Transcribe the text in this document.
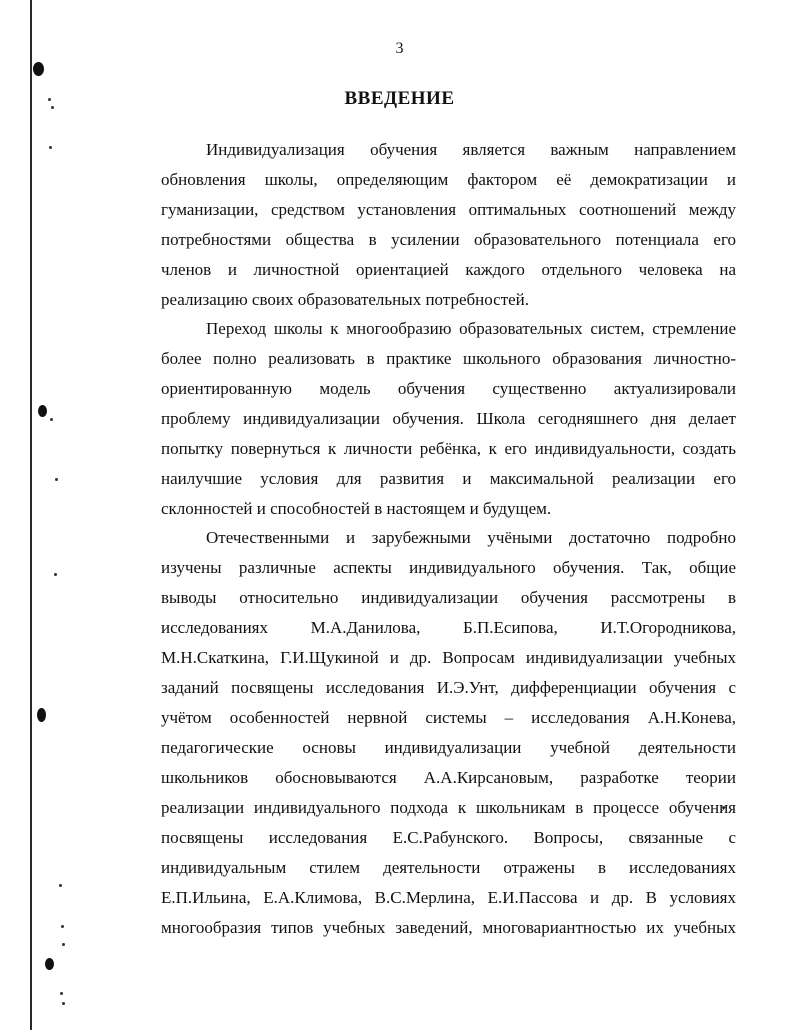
3
ВВЕДЕНИЕ
Индивидуализация обучения является важным направлением
обновления школы, определяющим фактором её демократизации и
гуманизации, средством установления оптимальных соотношений между
потребностями общества в усилении образовательного потенциала его
членов и личностной ориентацией каждого отдельного человека на
реализацию своих образовательных потребностей.
Переход школы к многообразию образовательных систем, стремление
более полно реализовать в практике школьного образования личностно-
ориентированную модель обучения существенно актуализировали
проблему индивидуализации обучения. Школа сегодняшнего дня делает
попытку повернуться к личности ребёнка, к его индивидуальности, создать
наилучшие условия для развития и максимальной реализации его
склонностей и способностей в настоящем и будущем.
Отечественными и зарубежными учёными достаточно подробно
изучены различные аспекты индивидуального обучения. Так, общие
выводы относительно индивидуализации обучения рассмотрены в
исследованиях М.А.Данилова, Б.П.Есипова, И.Т.Огородникова,
М.Н.Скаткина, Г.И.Щукиной и др. Вопросам индивидуализации учебных
заданий посвящены исследования И.Э.Унт, дифференциации обучения с
учётом особенностей нервной системы – исследования А.Н.Конева,
педагогические основы индивидуализации учебной деятельности
школьников обосновываются А.А.Кирсановым, разработке теории
реализации индивидуального подхода к школьникам в процессе обучения
посвящены исследования Е.С.Рабунского. Вопросы, связанные с
индивидуальным стилем деятельности отражены в исследованиях
Е.П.Ильина, Е.А.Климова, В.С.Мерлина, Е.И.Пассова и др. В условиях
многообразия типов учебных заведений, многовариантностью их учебных
